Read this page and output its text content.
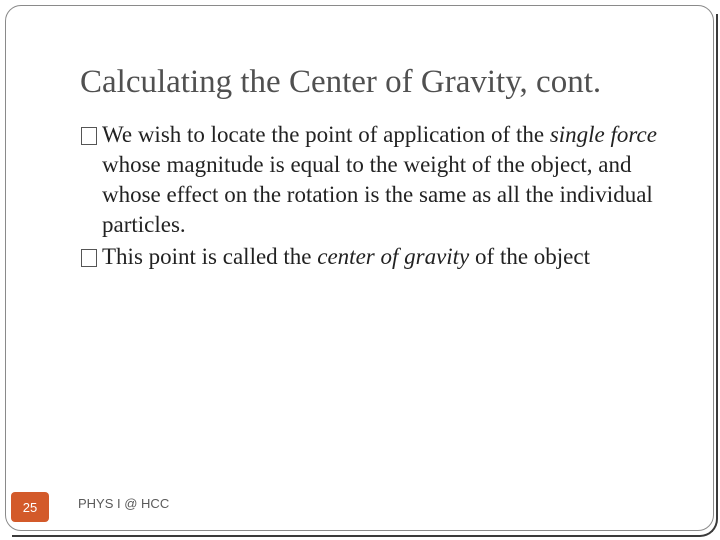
Calculating the Center of Gravity, cont.
We wish to locate the point of application of the single force whose magnitude is equal to the weight of the object, and whose effect on the rotation is the same as all the individual particles.
This point is called the center of gravity of the object
25	PHYS I @ HCC
